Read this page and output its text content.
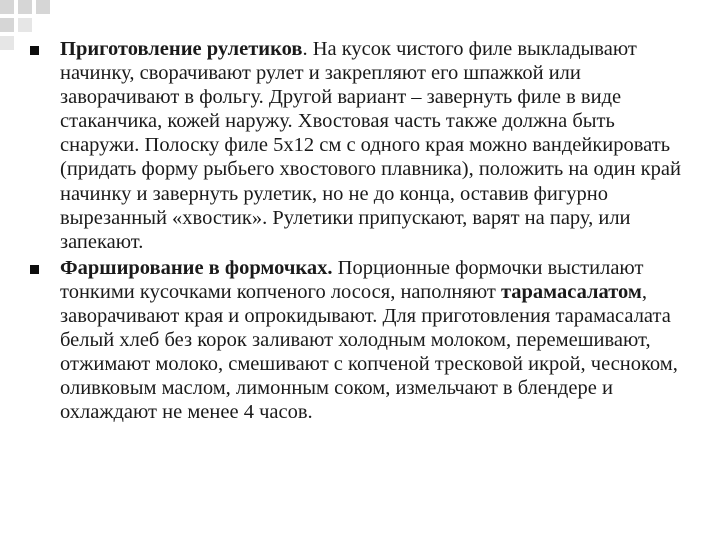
Приготовление рулетиков. На кусок чистого филе выкладывают начинку, сворачивают рулет и закрепляют его шпажкой или заворачивают в фольгу. Другой вариант – завернуть филе в виде стаканчика, кожей наружу. Хвостовая часть также должна быть снаружи. Полоску филе 5х12 см с одного края можно вандейкировать (придать форму рыбьего хвостового плавника), положить на один край начинку и завернуть рулетик, но не до конца, оставив фигурно вырезанный «хвостик». Рулетики припускают, варят на пару, или запекают.
Фарширование в формочках. Порционные формочки выстилают тонкими кусочками копченого лосося, наполняют тарамасалатом, заворачивают края и опрокидывают. Для приготовления тарамасалата белый хлеб без корок заливают холодным молоком, перемешивают, отжимают молоко, смешивают с копченой тресковой икрой, чесноком, оливковым маслом, лимонным соком, измельчают в блендере и охлаждают не менее 4 часов.
